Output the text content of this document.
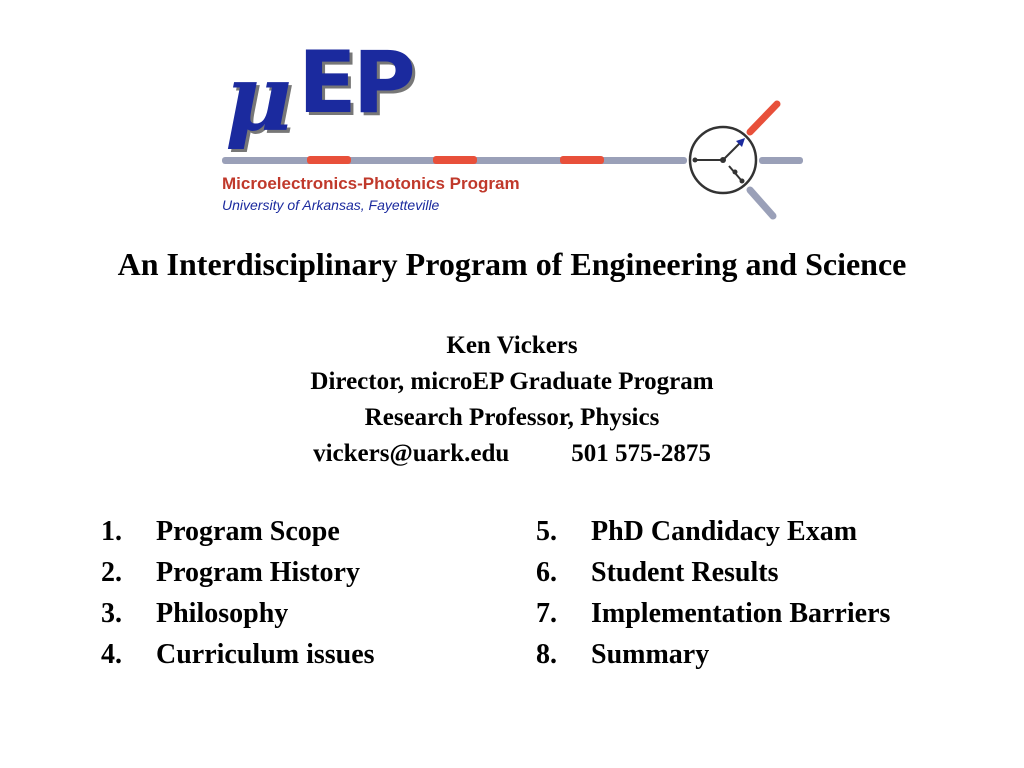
μ EP
Microelectronics-Photonics Program
University of Arkansas, Fayetteville
An Interdisciplinary Program of Engineering and Science
Ken Vickers
Director, microEP Graduate Program
Research Professor, Physics
vickers@uark.edu 501 575-2875
1. Program Scope
2. Program History
3. Philosophy
4. Curriculum issues
5. PhD Candidacy Exam
6. Student Results
7. Implementation Barriers
8. Summary
